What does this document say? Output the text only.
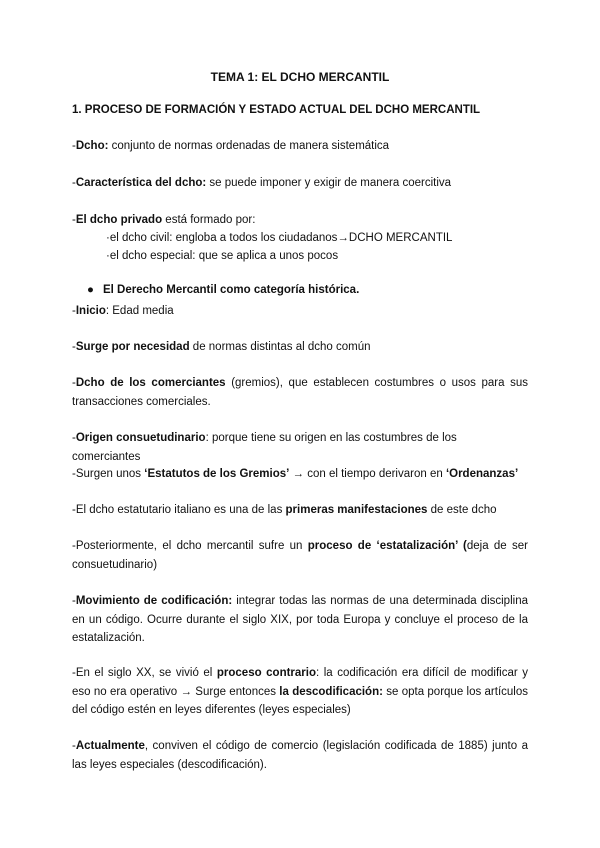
TEMA 1: EL DCHO MERCANTIL

1. PROCESO DE FORMACIÓN Y ESTADO ACTUAL DEL DCHO MERCANTIL

-Dcho: conjunto de normas ordenadas de manera sistemática

-Característica del dcho: se puede imponer y exigir de manera coercitiva

-El dcho privado está formado por:

·el dcho civil: engloba a todos los ciudadanos→DCHO MERCANTIL

·el dcho especial: que se aplica a unos pocos

● El Derecho Mercantil como categoría histórica.

-Inicio: Edad media

-Surge por necesidad de normas distintas al dcho común

-Dcho de los comerciantes (gremios), que establecen costumbres o usos para sus transacciones comerciales.

-Origen consuetudinario: porque tiene su origen en las costumbres de los comerciantes

-Surgen unos ‘Estatutos de los Gremios’ → con el tiempo derivaron en ‘Ordenanzas’

-El dcho estatutario italiano es una de las primeras manifestaciones de este dcho

-Posteriormente, el dcho mercantil sufre un proceso de ‘estatalización’ (deja de ser consuetudinario)

-Movimiento de codificación: integrar todas las normas de una determinada disciplina en un código. Ocurre durante el siglo XIX, por toda Europa y concluye el proceso de la estatalización.

-En el siglo XX, se vivió el proceso contrario: la codificación era difícil de modificar y eso no era operativo → Surge entonces la descodificación: se opta porque los artículos del código estén en leyes diferentes (leyes especiales)

-Actualmente, conviven el código de comercio (legislación codificada de 1885) junto a las leyes especiales (descodificación).
